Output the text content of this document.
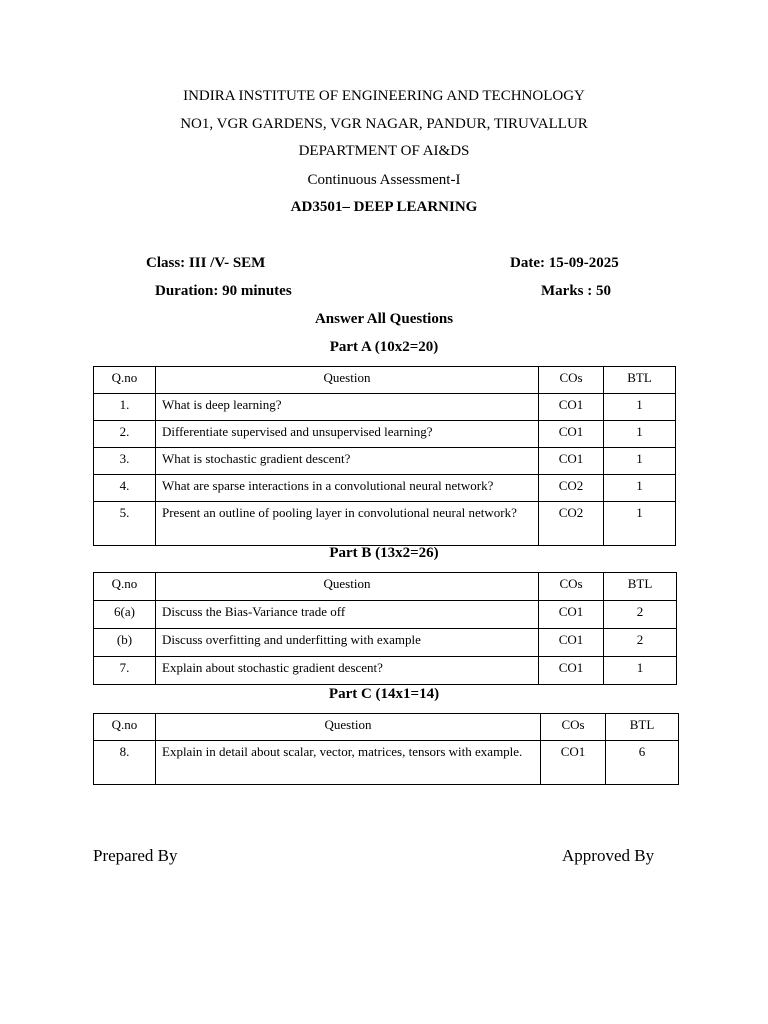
INDIRA INSTITUTE OF ENGINEERING AND TECHNOLOGY
NO1, VGR GARDENS, VGR NAGAR, PANDUR, TIRUVALLUR
DEPARTMENT OF AI&DS
Continuous Assessment-I
AD3501– DEEP LEARNING
Class: III /V- SEM	Date: 15-09-2025
Duration: 90 minutes	Marks : 50
Answer All Questions
Part A (10x2=20)
Q.no	Question	COs	BTL
1.	What is deep learning?	CO1	1
2.	Differentiate supervised and unsupervised learning?	CO1	1
3.	What is stochastic gradient descent?	CO1	1
4.	What are sparse interactions in a convolutional neural network?	CO2	1
5.	Present an outline of pooling layer in convolutional neural network?	CO2	1
Part B (13x2=26)
Q.no	Question	COs	BTL
6(a)	Discuss the Bias-Variance trade off	CO1	2
(b)	Discuss overfitting and underfitting with example	CO1	2
7.	Explain about stochastic gradient descent?	CO1	1
Part C (14x1=14)
Q.no	Question	COs	BTL
8.	Explain in detail about scalar, vector, matrices, tensors with example.	CO1	6
Prepared By	Approved By
